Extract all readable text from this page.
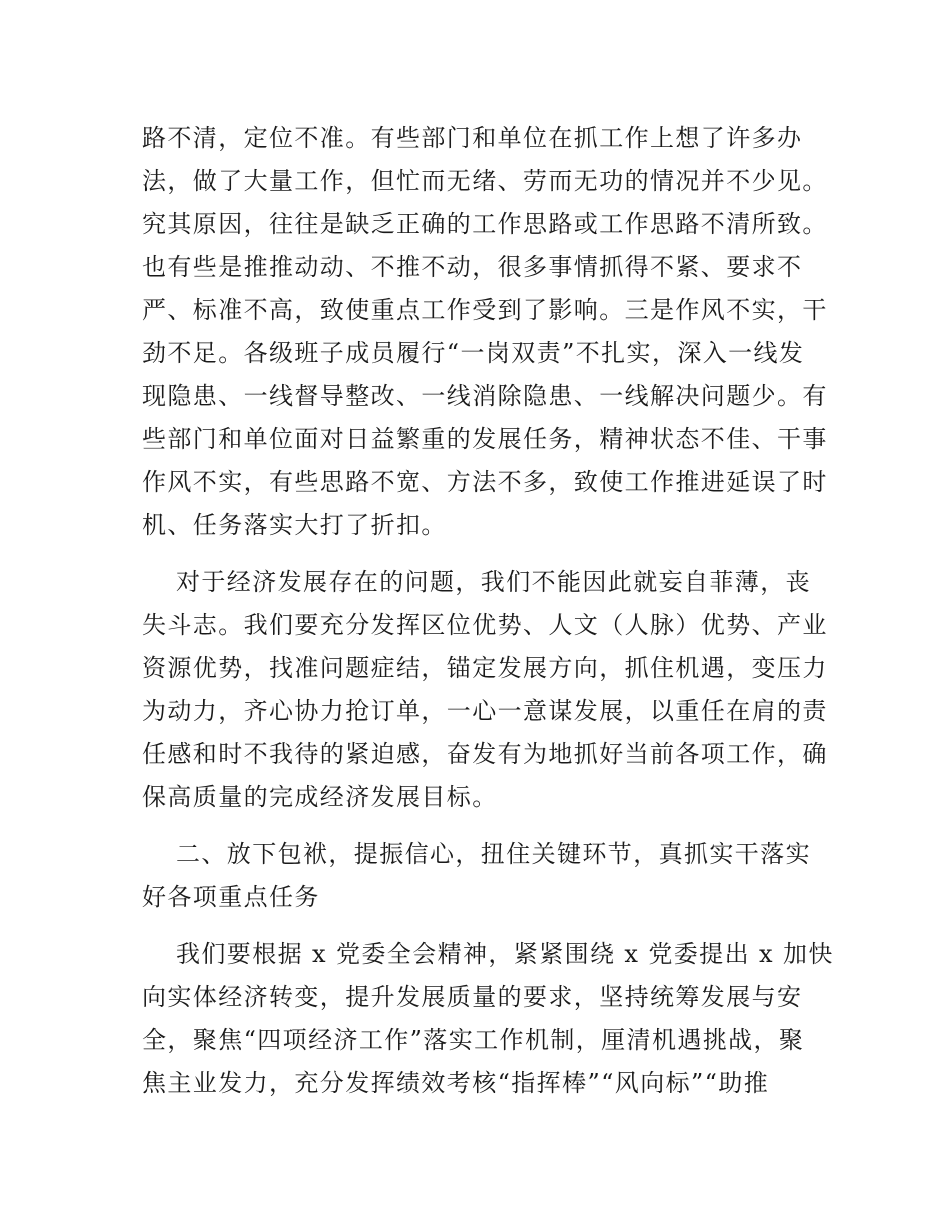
路不清，定位不准。有些部门和单位在抓工作上想了许多办
法，做了大量工作，但忙而无绪、劳而无功的情况并不少见。
究其原因，往往是缺乏正确的工作思路或工作思路不清所致。
也有些是推推动动、不推不动，很多事情抓得不紧、要求不
严、标准不高，致使重点工作受到了影响。三是作风不实，干
劲不足。各级班子成员履行“一岗双责”不扎实，深入一线发
现隐患、一线督导整改、一线消除隐患、一线解决问题少。有
些部门和单位面对日益繁重的发展任务，精神状态不佳、干事
作风不实，有些思路不宽、方法不多，致使工作推进延误了时
机、任务落实大打了折扣。
对于经济发展存在的问题，我们不能因此就妄自菲薄，丧
失斗志。我们要充分发挥区位优势、人文（人脉）优势、产业
资源优势，找准问题症结，锚定发展方向，抓住机遇，变压力
为动力，齐心协力抢订单，一心一意谋发展，以重任在肩的责
任感和时不我待的紧迫感，奋发有为地抓好当前各项工作，确
保高质量的完成经济发展目标。
二、放下包袱，提振信心，扭住关键环节，真抓实干落实
好各项重点任务
我们要根据 x 党委全会精神，紧紧围绕 x 党委提出 x 加快
向实体经济转变，提升发展质量的要求，坚持统筹发展与安
全，聚焦“四项经济工作”落实工作机制，厘清机遇挑战，聚
焦主业发力，充分发挥绩效考核“指挥棒”“风向标”“助推
